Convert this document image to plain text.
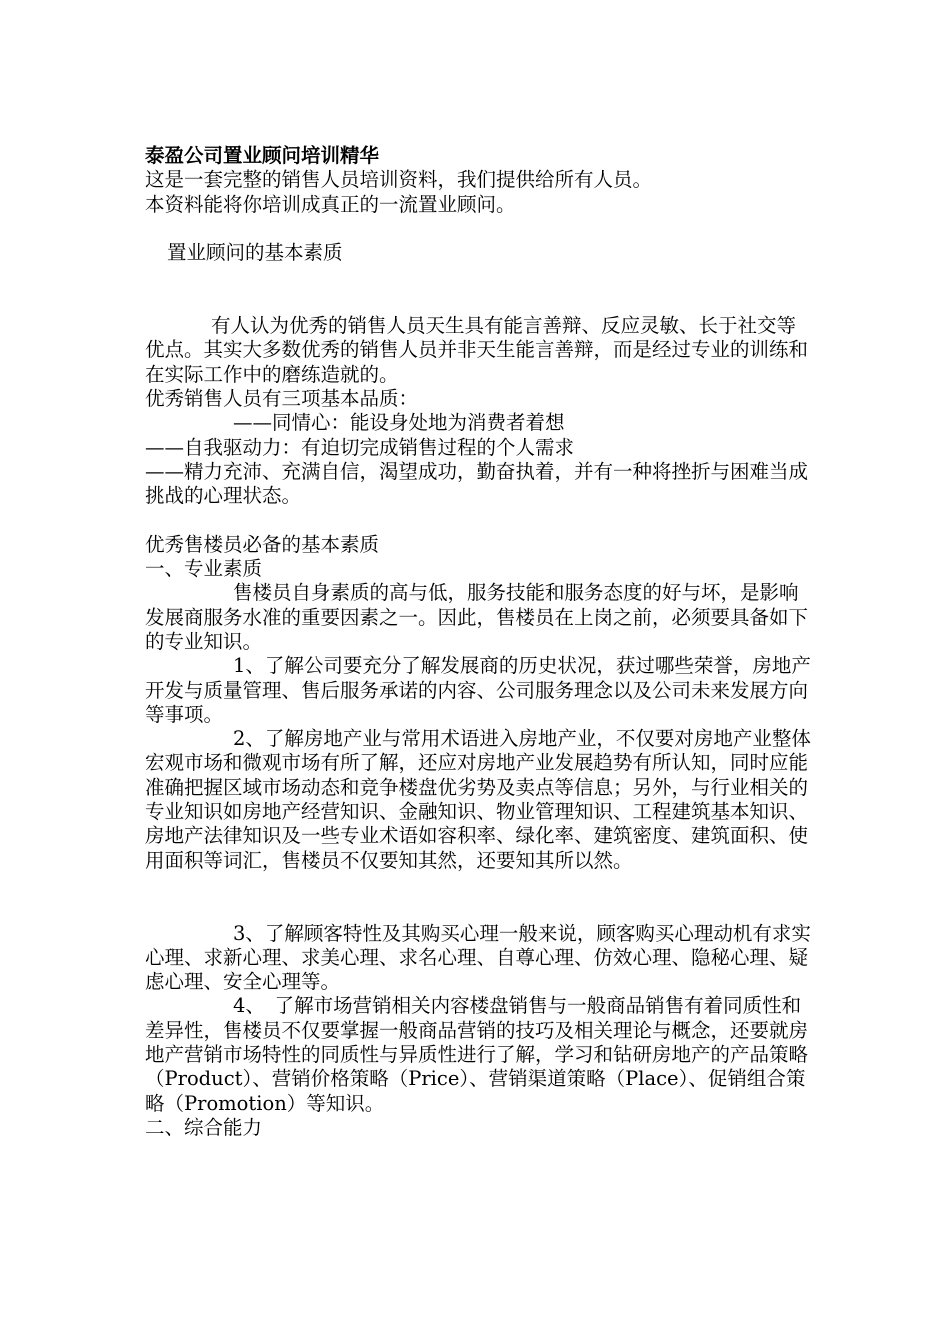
泰盈公司置业顾问培训精华

这是一套完整的销售人员培训资料，我们提供给所有人员。

本资料能将你培训成真正的一流置业顾问。

置业顾问的基本素质

有人认为优秀的销售人员天生具有能言善辩、反应灵敏、长于社交等优点。其实大多数优秀的销售人员并非天生能言善辩，而是经过专业的训练和在实际工作中的磨练造就的。

优秀销售人员有三项基本品质：

——同情心：能设身处地为消费者着想

——自我驱动力：有迫切完成销售过程的个人需求

——精力充沛、充满自信，渴望成功，勤奋执着，并有一种将挫折与困难当成挑战的心理状态。

优秀售楼员必备的基本素质

一、专业素质

售楼员自身素质的高与低，服务技能和服务态度的好与坏，是影响发展商服务水准的重要因素之一。因此，售楼员在上岗之前，必须要具备如下的专业知识。

1、了解公司要充分了解发展商的历史状况，获过哪些荣誉，房地产开发与质量管理、售后服务承诺的内容、公司服务理念以及公司未来发展方向等事项。

2、了解房地产业与常用术语进入房地产业，不仅要对房地产业整体宏观市场和微观市场有所了解，还应对房地产业发展趋势有所认知，同时应能准确把握区域市场动态和竞争楼盘优劣势及卖点等信息；另外，与行业相关的专业知识如房地产经营知识、金融知识、物业管理知识、工程建筑基本知识、房地产法律知识及一些专业术语如容积率、绿化率、建筑密度、建筑面积、使用面积等词汇，售楼员不仅要知其然，还要知其所以然。

3、了解顾客特性及其购买心理一般来说，顾客购买心理动机有求实心理、求新心理、求美心理、求名心理、自尊心理、仿效心理、隐秘心理、疑虑心理、安全心理等。

4、　了解市场营销相关内容楼盘销售与一般商品销售有着同质性和差异性，售楼员不仅要掌握一般商品营销的技巧及相关理论与概念，还要就房地产营销市场特性的同质性与异质性进行了解，学习和钻研房地产的产品策略（Product）、营销价格策略（Price）、营销渠道策略（Place）、促销组合策略（Promotion）等知识。

二、综合能力
